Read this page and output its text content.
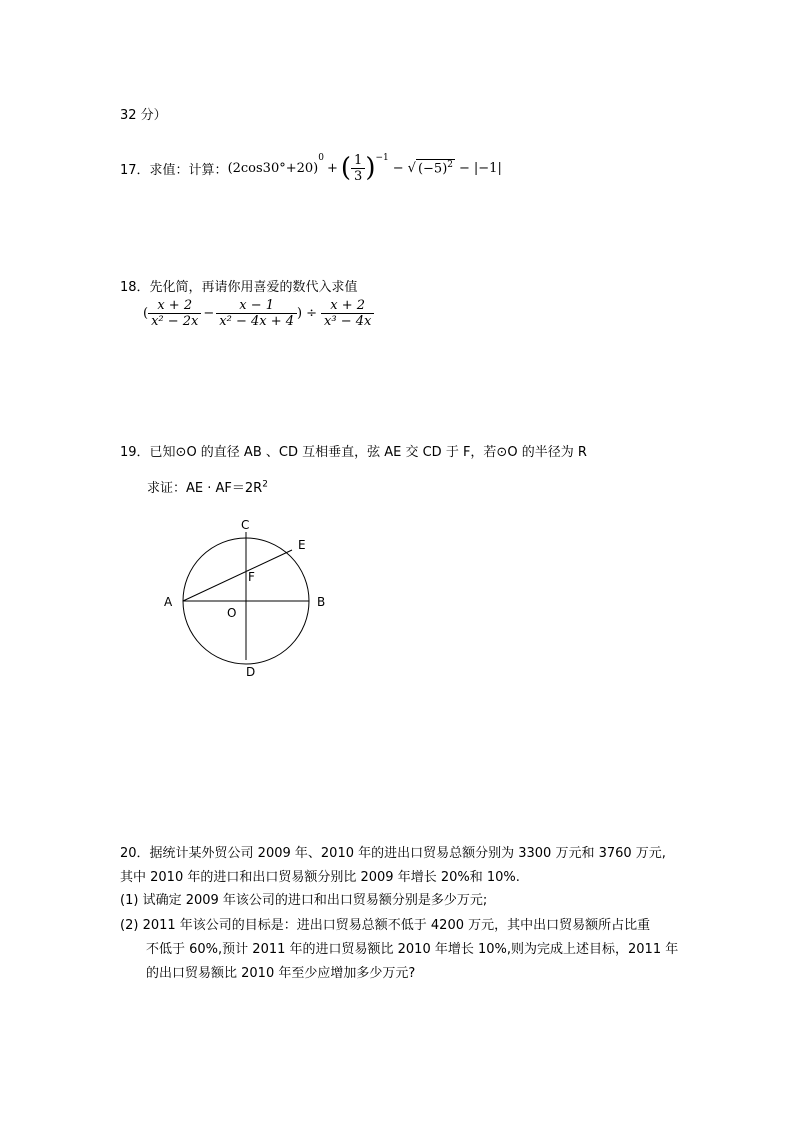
32 分）
17． 求值：计算： (2cos30°+20)
$^0$
+ ( $\frac{1}{3} )^{-1}$
− √ $(-5)^2 - |-1|$
18．先化简，再请你用喜爱的数代入求值
( $\frac{x + 2}{\text{x² − 2x}} - \frac{x - 1}{\text{x² − 4x + 4}}$ ) ÷ $\frac{x + 2}{\text{x³ − 4x}}$
19．已知⊙O 的直径 AB 、CD 互相垂直，弦 AE 交 CD 于 F，若⊙O 的半径为 R
求证：AE · $AF=2R^2$
A	B
C
D
E
F
O
20．据统计某外贸公司 2009 年、2010 年的进出口贸易总额分别为 3300 万元和 3760 万元,
其中 2010 年的进口和出口贸易额分别比 2009 年增长 20%和 10%.
(1) 试确定 2009 年该公司的进口和出口贸易额分别是多少万元;
(2) 2011 年该公司的目标是：进出口贸易总额不低于 4200 万元，其中出口贸易额所占比重
不低于 60%,预计 2011 年的进口贸易额比 2010 年增长 10%,则为完成上述目标，2011 年
的出口贸易额比 2010 年至少应增加多少万元?
